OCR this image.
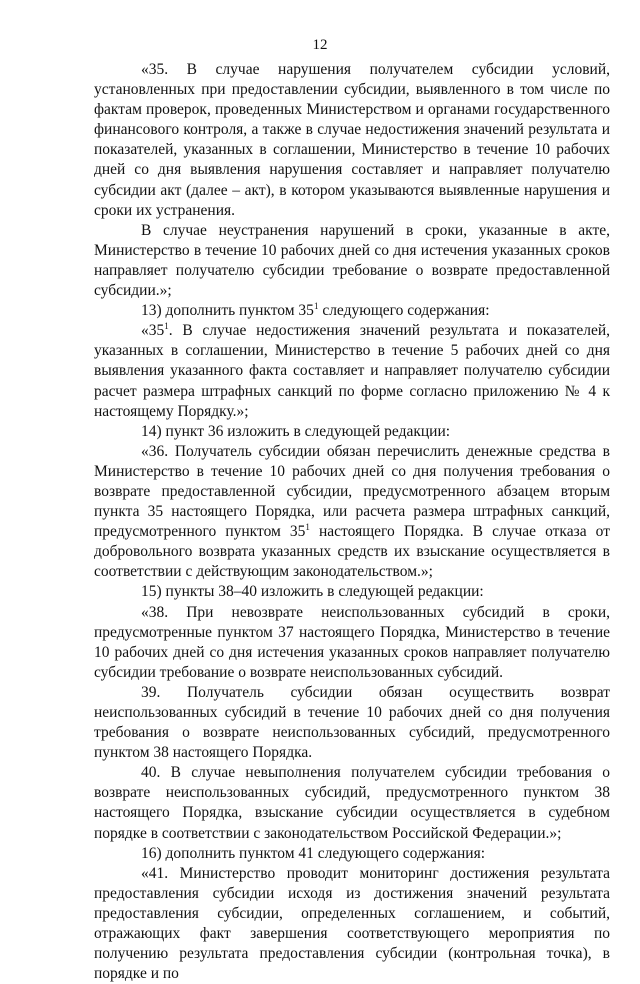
12

«35. В случае нарушения получателем субсидии условий, установленных при предоставлении субсидии, выявленного в том числе по фактам проверок, проведенных Министерством и органами государственного финансового контроля, а также в случае недостижения значений результата и показателей, указанных в соглашении, Министерство в течение 10 рабочих дней со дня выявления нарушения составляет и направляет получателю субсидии акт (далее – акт), в котором указываются выявленные нарушения и сроки их устранения.

В случае неустранения нарушений в сроки, указанные в акте, Министерство в течение 10 рабочих дней со дня истечения указанных сроков направляет получателю субсидии требование о возврате предоставленной субсидии.»;

13) дополнить пунктом $35^1$ следующего содержания:

«$35^1$. В случае недостижения значений результата и показателей, указанных в соглашении, Министерство в течение 5 рабочих дней со дня выявления указанного факта составляет и направляет получателю субсидии расчет размера штрафных санкций по форме согласно приложению № 4 к настоящему Порядку.»;

14) пункт 36 изложить в следующей редакции:

«36. Получатель субсидии обязан перечислить денежные средства в Министерство в течение 10 рабочих дней со дня получения требования о возврате предоставленной субсидии, предусмотренного абзацем вторым пункта 35 настоящего Порядка, или расчета размера штрафных санкций, предусмотренного пунктом $35^1$ настоящего Порядка. В случае отказа от добровольного возврата указанных средств их взыскание осуществляется в соответствии с действующим законодательством.»;

15) пункты 38–40 изложить в следующей редакции:

«38. При невозврате неиспользованных субсидий в сроки, предусмотренные пунктом 37 настоящего Порядка, Министерство в течение 10 рабочих дней со дня истечения указанных сроков направляет получателю субсидии требование о возврате неиспользованных субсидий.

39. Получатель субсидии обязан осуществить возврат неиспользованных субсидий в течение 10 рабочих дней со дня получения требования о возврате неиспользованных субсидий, предусмотренного пунктом 38 настоящего Порядка.

40. В случае невыполнения получателем субсидии требования о возврате неиспользованных субсидий, предусмотренного пунктом 38 настоящего Порядка, взыскание субсидии осуществляется в судебном порядке в соответствии с законодательством Российской Федерации.»;

16) дополнить пунктом 41 следующего содержания:

«41. Министерство проводит мониторинг достижения результата предоставления субсидии исходя из достижения значений результата предоставления субсидии, определенных соглашением, и событий, отражающих факт завершения соответствующего мероприятия по получению результата предоставления субсидии (контрольная точка), в порядке и по
